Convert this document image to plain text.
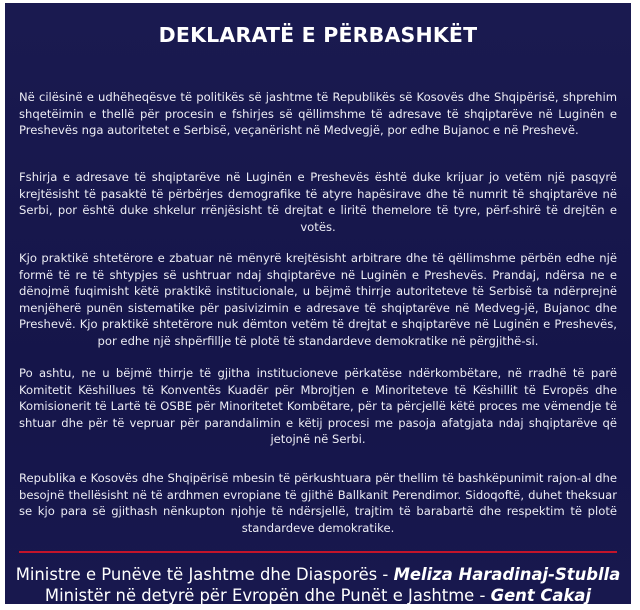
DEKLARATË E PËRBASHKËT
Në cilësinë e udhëheqësve të politikës së jashtme të Republikës së Kosovës dhe Shqipërisë, shprehim shqetëimin e thellë për procesin e fshirjes së qëllimshme të adresave të shqiptarëve në Luginën e Preshevës nga autoritetet e Serbisë, veçanërisht në Medvegjë, por edhe Bujanoc e në Preshevë.
Fshirja e adresave të shqiptarëve në Luginën e Preshevës është duke krijuar jo vetëm një pasqyrë krejtësisht të pasaktë të përbërjes demografike të atyre hapësirave dhe të numrit të shqiptarëve në Serbi, por është duke shkelur rrënjësisht të drejtat e liritë themelore të tyre, përf-shirë të drejtën e votës.
Kjo praktikë shtetërore e zbatuar në mënyrë krejtësisht arbitrare dhe të qëllimshme përbën edhe një formë të re të shtypjes së ushtruar ndaj shqiptarëve në Luginën e Preshevës. Prandaj, ndërsa ne e dënojmë fuqimisht këtë praktikë institucionale, u bëjmë thirrje autoriteteve të Serbisë ta ndërprejnë menjëherë punën sistematike për pasivizimin e adresave të shqiptarëve në Medveg-jë, Bujanoc dhe Preshevë. Kjo praktikë shtetërore nuk dëmton vetëm të drejtat e shqiptarëve në Luginën e Preshevës, por edhe një shpërfillje të plotë të standardeve demokratike në përgjithë-si.
Po ashtu, ne u bëjmë thirrje të gjitha institucioneve përkatëse ndërkombëtare, në rradhë të parë Komitetit Këshillues të Konventës Kuadër për Mbrojtjen e Minoriteteve të Këshillit të Evropës dhe Komisionerit të Lartë të OSBE për Minoritetet Kombëtare, për ta përcjellë këtë proces me vëmendje të shtuar dhe për të vepruar për parandalimin e këtij procesi me pasoja afatgjata ndaj shqiptarëve që jetojnë në Serbi.
Republika e Kosovës dhe Shqipërisë mbesin të përkushtuara për thellim të bashkëpunimit rajon-al dhe besojnë thellësisht në të ardhmen evropiane të gjithë Ballkanit Perendimor. Sidoqoftë, duhet theksuar se kjo para së gjithash nënkupton njohje të ndërsjellë, trajtim të barabartë dhe respektim të plotë standardeve demokratike.
Ministre e Punëve të Jashtme dhe Diasporës - Meliza Haradinaj-Stublla
Ministër në detyrë për Evropën dhe Punët e Jashtme - Gent Cakaj
